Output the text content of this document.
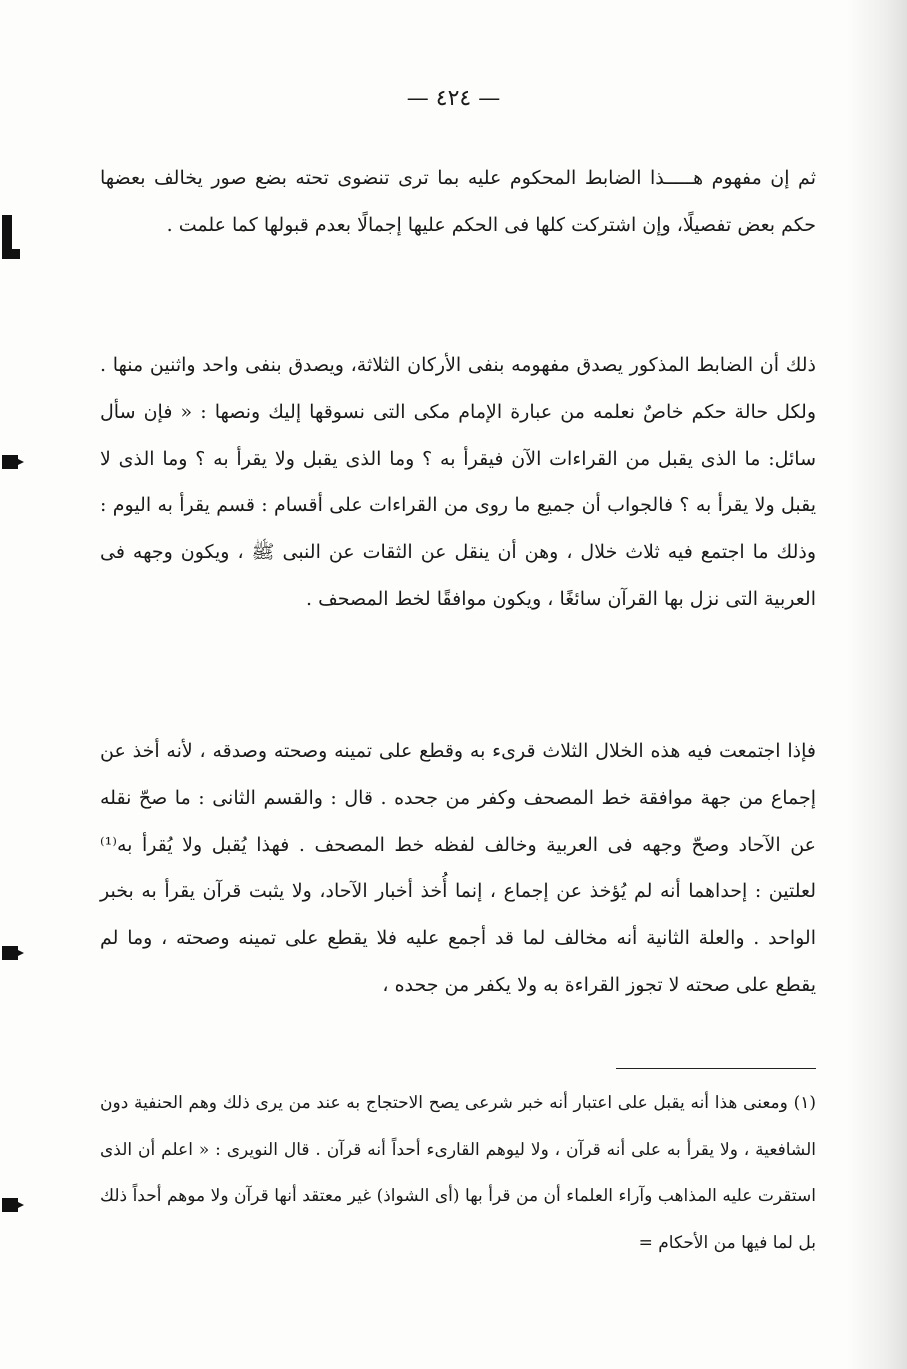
— ٤٢٤ —

ثم إن مفهوم هـــــذا الضابط المحكوم عليه بما ترى تنضوى تحته بضع صور يخالف بعضها حكم بعض تفصيلًا، وإن اشتركت كلها فى الحكم عليها إجمالًا بعدم قبولها كما علمت .

ذلك أن الضابط المذكور يصدق مفهومه بنفى الأركان الثلاثة، ويصدق بنفى واحد واثنين منها . ولكل حالة حكم خاصٌ نعلمه من عبارة الإمام مكى التى نسوقها إليك ونصها : « فإن سأل سائل: ما الذى يقبل من القراءات الآن فيقرأ به ؟ وما الذى يقبل ولا يقرأ به ؟ وما الذى لا يقبل ولا يقرأ به ؟ فالجواب أن جميع ما روى من القراءات على أقسام : قسم يقرأ به اليوم : وذلك ما اجتمع فيه ثلاث خلال ، وهن أن ينقل عن الثقات عن النبى ﷺ ، ويكون وجهه فى العربية التى نزل بها القرآن سائغًا ، ويكون موافقًا لخط المصحف .

فإذا اجتمعت فيه هذه الخلال الثلاث قرىء به وقطع على تمينه وصحته وصدقه ، لأنه أخذ عن إجماع من جهة موافقة خط المصحف وكفر من جحده . قال : والقسم الثانى : ما صحّ نقله عن الآحاد وصحّ وجهه فى العربية وخالف لفظه خط المصحف . فهذا يُقبل ولا يُقرأ به⁽¹⁾ لعلتين : إحداهما أنه لم يُؤخذ عن إجماع ، إنما أُخذ أخبار الآحاد، ولا يثبت قرآن يقرأ به بخبر الواحد . والعلة الثانية أنه مخالف لما قد أجمع عليه فلا يقطع على تمينه وصحته ، وما لم يقطع على صحته لا تجوز القراءة به ولا يكفر من جحده ،

(١) ومعنى هذا أنه يقبل على اعتبار أنه خبر شرعى يصح الاحتجاج به عند من يرى ذلك وهم الحنفية دون الشافعية ، ولا يقرأ به على أنه قرآن ، ولا ليوهم القارىء أحداً أنه قرآن . قال النويرى : « اعلم أن الذى استقرت عليه المذاهب وآراء العلماء أن من قرأ بها (أى الشواذ) غير معتقد أنها قرآن ولا موهم أحداً ذلك بل لما فيها من الأحكام =
